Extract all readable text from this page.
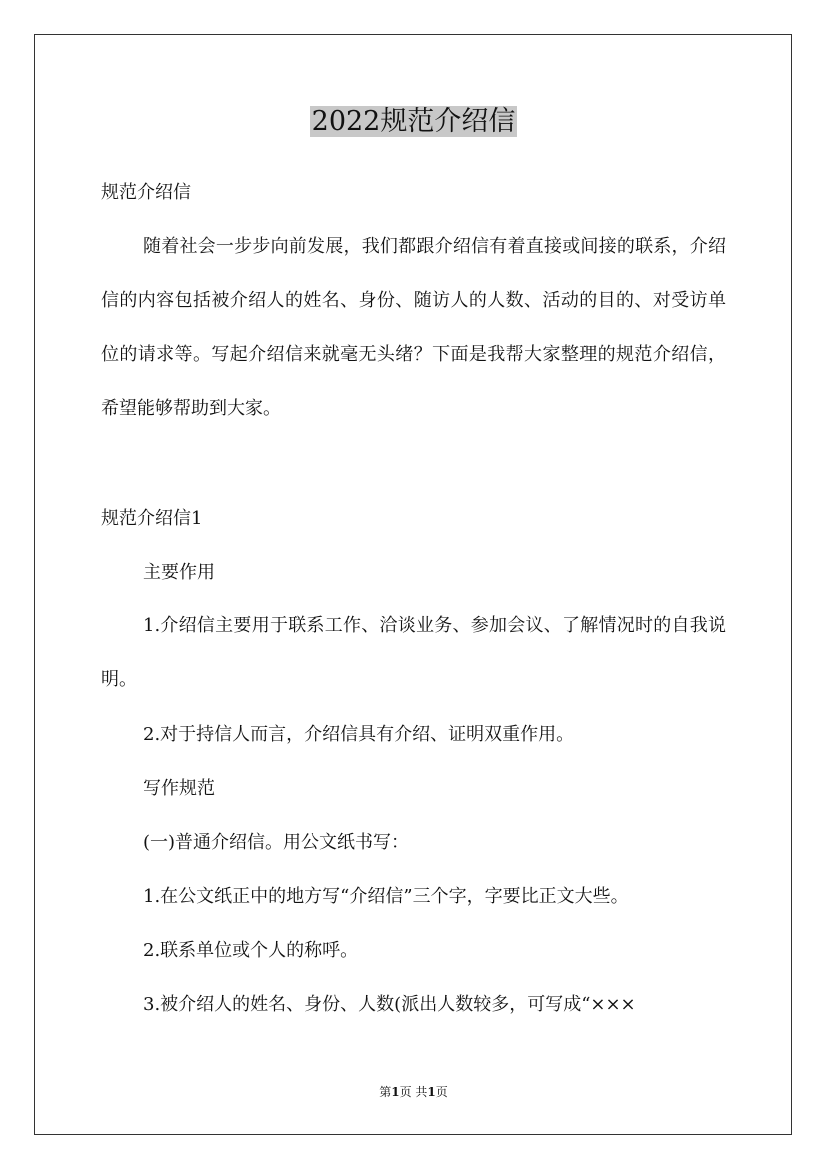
2022规范介绍信

规范介绍信

随着社会一步步向前发展，我们都跟介绍信有着直接或间接的联系，介绍信的内容包括被介绍人的姓名、身份、随访人的人数、活动的目的、对受访单位的请求等。写起介绍信来就毫无头绪？下面是我帮大家整理的规范介绍信，希望能够帮助到大家。

规范介绍信1

主要作用

1.介绍信主要用于联系工作、洽谈业务、参加会议、了解情况时的自我说明。

2.对于持信人而言，介绍信具有介绍、证明双重作用。

写作规范

(一)普通介绍信。用公文纸书写：

1.在公文纸正中的地方写“介绍信”三个字，字要比正文大些。

2.联系单位或个人的称呼。

3.被介绍人的姓名、身份、人数(派出人数较多，可写成“×××

第1页 共1页
